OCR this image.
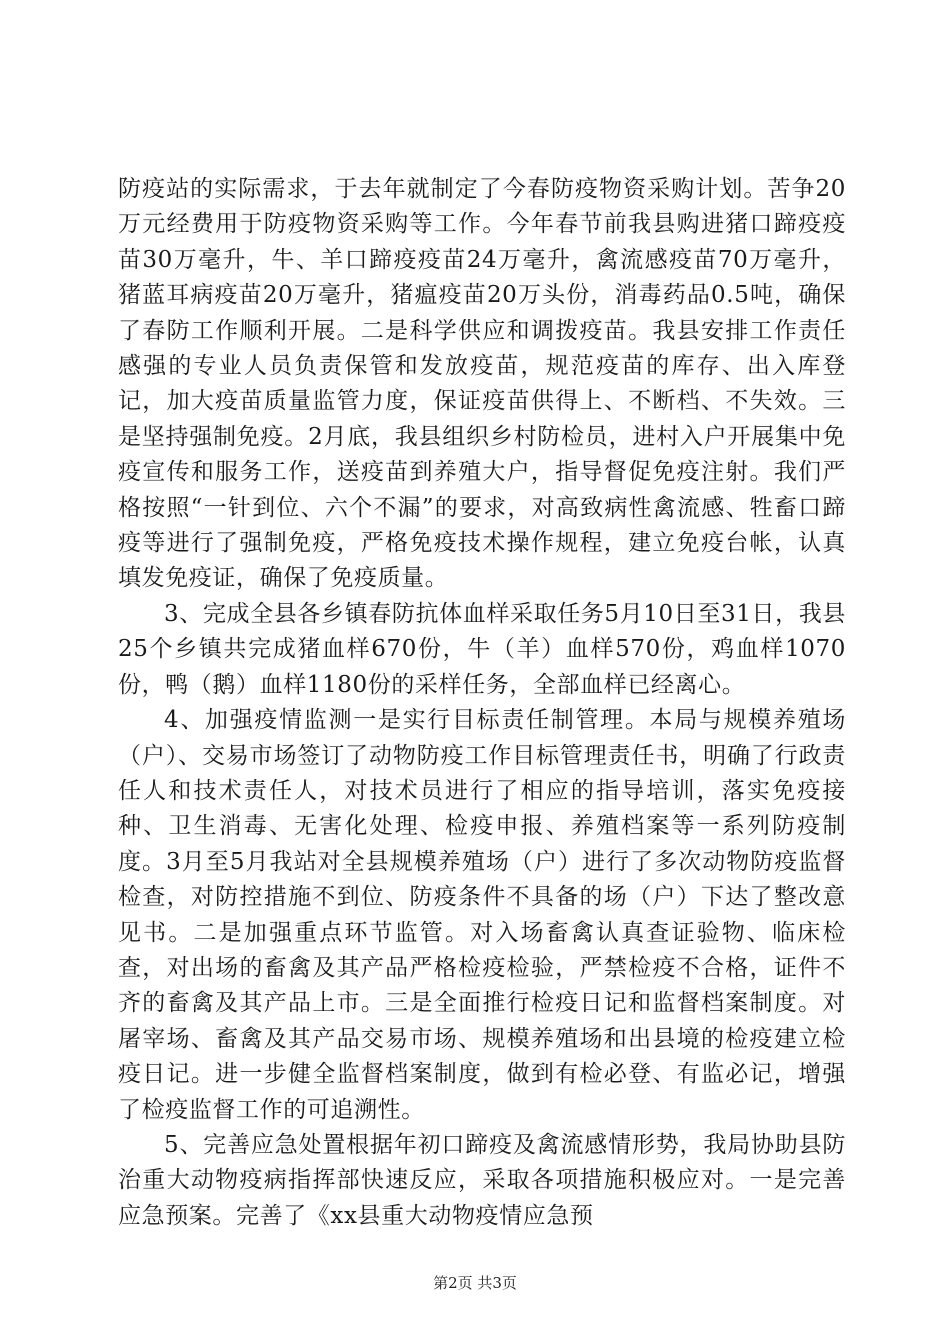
防疫站的实际需求，于去年就制定了今春防疫物资采购计划。苦争20万元经费用于防疫物资采购等工作。今年春节前我县购进猪口蹄疫疫苗30万毫升，牛、羊口蹄疫疫苗24万毫升，禽流感疫苗70万毫升，猪蓝耳病疫苗20万毫升，猪瘟疫苗20万头份，消毒药品0.5吨，确保了春防工作顺利开展。二是科学供应和调拨疫苗。我县安排工作责任感强的专业人员负责保管和发放疫苗，规范疫苗的库存、出入库登记，加大疫苗质量监管力度，保证疫苗供得上、不断档、不失效。三是坚持强制免疫。2月底，我县组织乡村防检员，进村入户开展集中免疫宣传和服务工作，送疫苗到养殖大户，指导督促免疫注射。我们严格按照“一针到位、六个不漏”的要求，对高致病性禽流感、牲畜口蹄疫等进行了强制免疫，严格免疫技术操作规程，建立免疫台帐，认真填发免疫证，确保了免疫质量。

3、完成全县各乡镇春防抗体血样采取任务5月10日至31日，我县25个乡镇共完成猪血样670份，牛（羊）血样570份，鸡血样1070份，鸭（鹅）血样1180份的采样任务，全部血样已经离心。

4、加强疫情监测一是实行目标责任制管理。本局与规模养殖场（户）、交易市场签订了动物防疫工作目标管理责任书，明确了行政责任人和技术责任人，对技术员进行了相应的指导培训，落实免疫接种、卫生消毒、无害化处理、检疫申报、养殖档案等一系列防疫制度。3月至5月我站对全县规模养殖场（户）进行了多次动物防疫监督检查，对防控措施不到位、防疫条件不具备的场（户）下达了整改意见书。二是加强重点环节监管。对入场畜禽认真查证验物、临床检查，对出场的畜禽及其产品严格检疫检验，严禁检疫不合格，证件不齐的畜禽及其产品上市。三是全面推行检疫日记和监督档案制度。对屠宰场、畜禽及其产品交易市场、规模养殖场和出县境的检疫建立检疫日记。进一步健全监督档案制度，做到有检必登、有监必记，增强了检疫监督工作的可追溯性。

5、完善应急处置根据年初口蹄疫及禽流感情形势，我局协助县防治重大动物疫病指挥部快速反应，采取各项措施积极应对。一是完善应急预案。完善了《xx县重大动物疫情应急预

第2页 共3页
